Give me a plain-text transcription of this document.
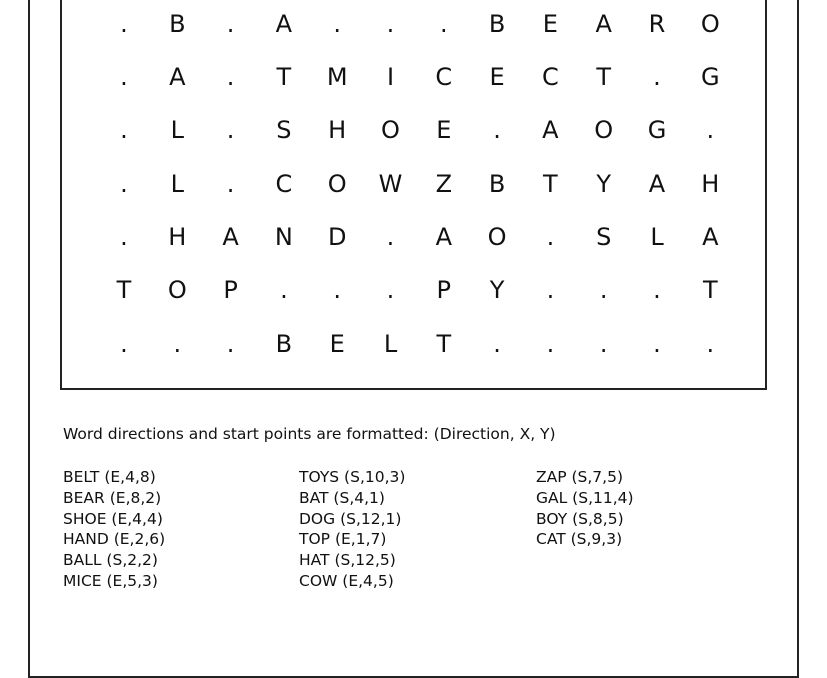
.	B	.	A	.	.	.	B	E	A	R	O
.	A	.	T	M	I	C	E	C	T	.	G
.	L	.	S	H	O	E	.	A	O	G	.
.	L	.	C	O	W	Z	B	T	Y	A	H
.	H	A	N	D	.	A	O	.	S	L	A
T	O	P	.	.	.	P	Y	.	.	.	T
.	.	.	B	E	L	T	.	.	.	.	.
Word directions and start points are formatted: (Direction, X, Y)
BELT (E,4,8)
BEAR (E,8,2)
SHOE (E,4,4)
HAND (E,2,6)
BALL (S,2,2)
MICE (E,5,3)
TOYS (S,10,3)
BAT (S,4,1)
DOG (S,12,1)
TOP (E,1,7)
HAT (S,12,5)
COW (E,4,5)
ZAP (S,7,5)
GAL (S,11,4)
BOY (S,8,5)
CAT (S,9,3)
